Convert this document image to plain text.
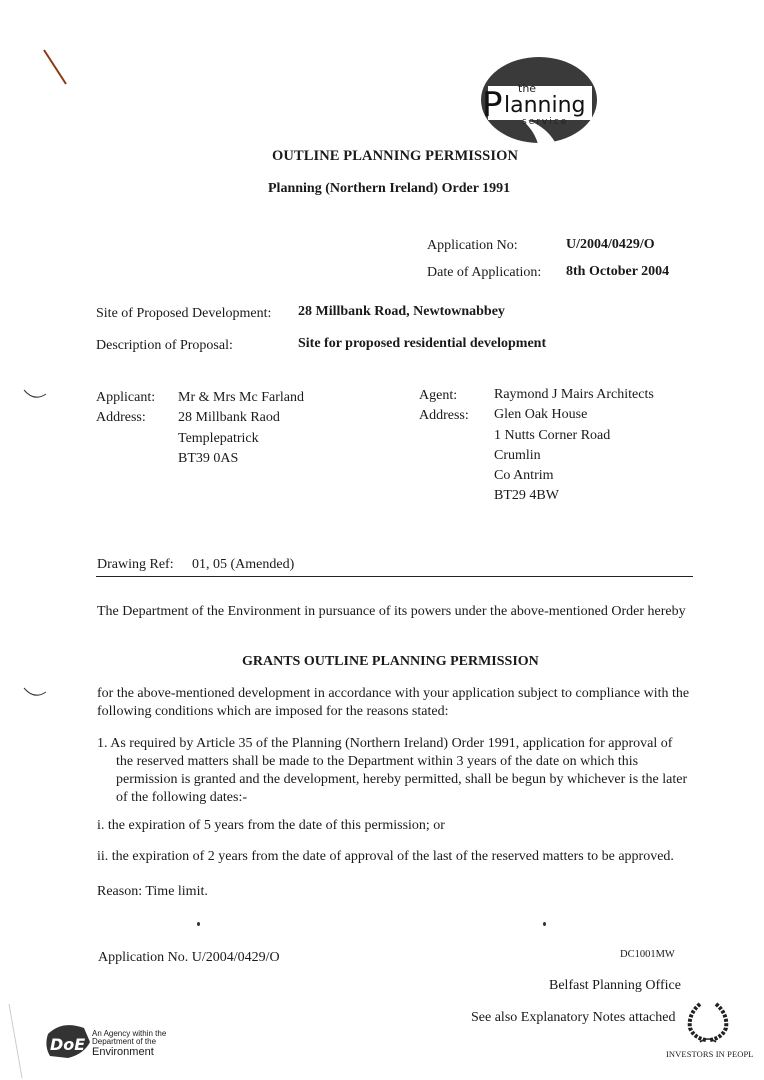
the
P lanning
service
OUTLINE PLANNING PERMISSION
Planning (Northern Ireland) Order 1991
Application No:	U/2004/0429/O
Date of Application: 8th October 2004
Site of Proposed Development: 28 Millbank Road, Newtownabbey
Description of Proposal:	Site for proposed residential development
Applicant: Mr & Mrs Mc Farland
Address: 28 Millbank Raod
Templepatrick
BT39 0AS
Agent:	Raymond J Mairs Architects
Address: Glen Oak House
1 Nutts Corner Road
Crumlin
Co Antrim
BT29 4BW
Drawing Ref: 01, 05 (Amended)
The Department of the Environment in pursuance of its powers under the above-mentioned Order hereby
GRANTS OUTLINE PLANNING PERMISSION
for the above-mentioned development in accordance with your application subject to compliance with the following conditions which are imposed for the reasons stated:
1. As required by Article 35 of the Planning (Northern Ireland) Order 1991, application for approval of
the reserved matters shall be made to the Department within 3 years of the date on which this permission is granted and the development, hereby permitted, shall be begun by whichever is the later of the following dates:-
i. the expiration of 5 years from the date of this permission; or
ii. the expiration of 2 years from the date of approval of the last of the reserved matters to be approved.
Reason: Time limit.
Application No. U/2004/0429/O	DC1001MW
Belfast Planning Office
See also Explanatory Notes attached
DoE
An Agency within the
Department of the
Environment	INVESTORS IN PEOPL
